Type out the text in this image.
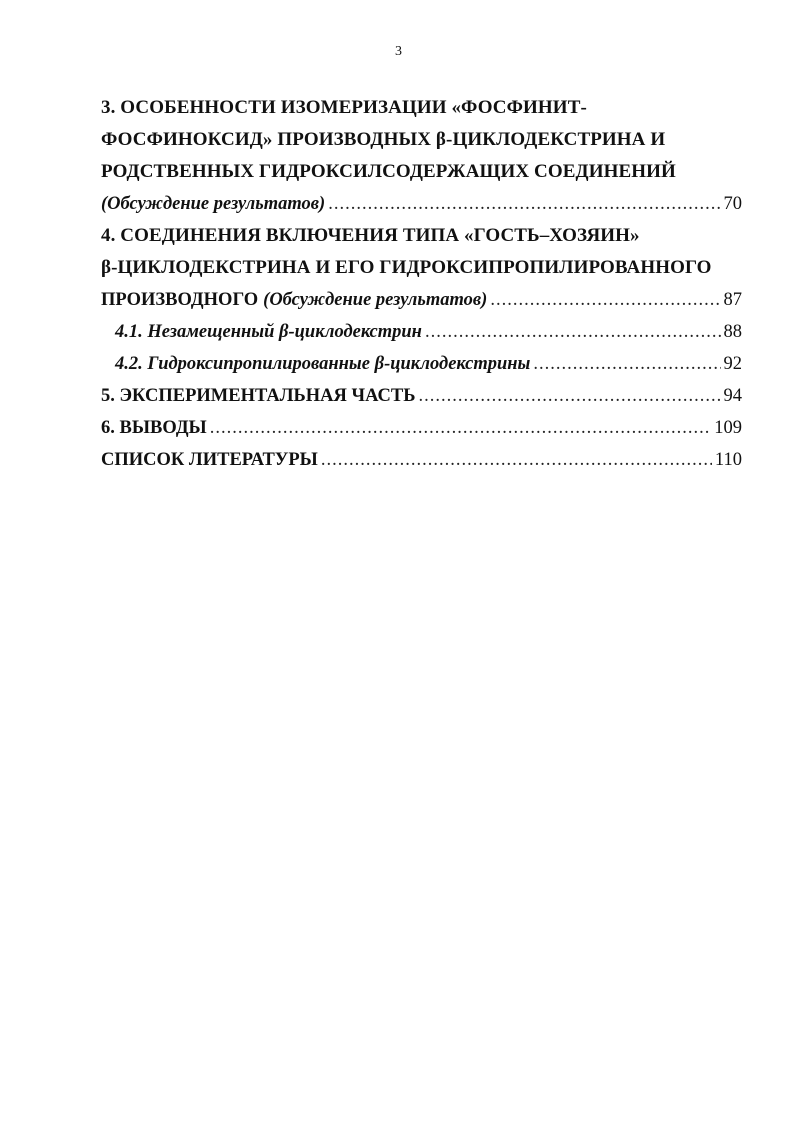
3
3. ОСОБЕННОСТИ ИЗОМЕРИЗАЦИИ «ФОСФИНИТ-
ФОСФИНОКСИД» ПРОИЗВОДНЫХ β-ЦИКЛОДЕКСТРИНА И
РОДСТВЕННЫХ ГИДРОКСИЛСОДЕРЖАЩИХ СОЕДИНЕНИЙ
(Обсуждение результатов) .....	70
4. СОЕДИНЕНИЯ ВКЛЮЧЕНИЯ ТИПА «ГОСТЬ–ХОЗЯИН»
β-ЦИКЛОДЕКСТРИНА И ЕГО ГИДРОКСИПРОПИЛИРОВАННОГО
ПРОИЗВОДНОГО (Обсуждение результатов) .....	87
4.1. Незамещенный β-циклодекстрин .....	88
4.2. Гидроксипропилированные β-циклодекстрины .....	92
5. ЭКСПЕРИМЕНТАЛЬНАЯ ЧАСТЬ .....	94
6. ВЫВОДЫ .....	109
СПИСОК ЛИТЕРАТУРЫ .....	110
